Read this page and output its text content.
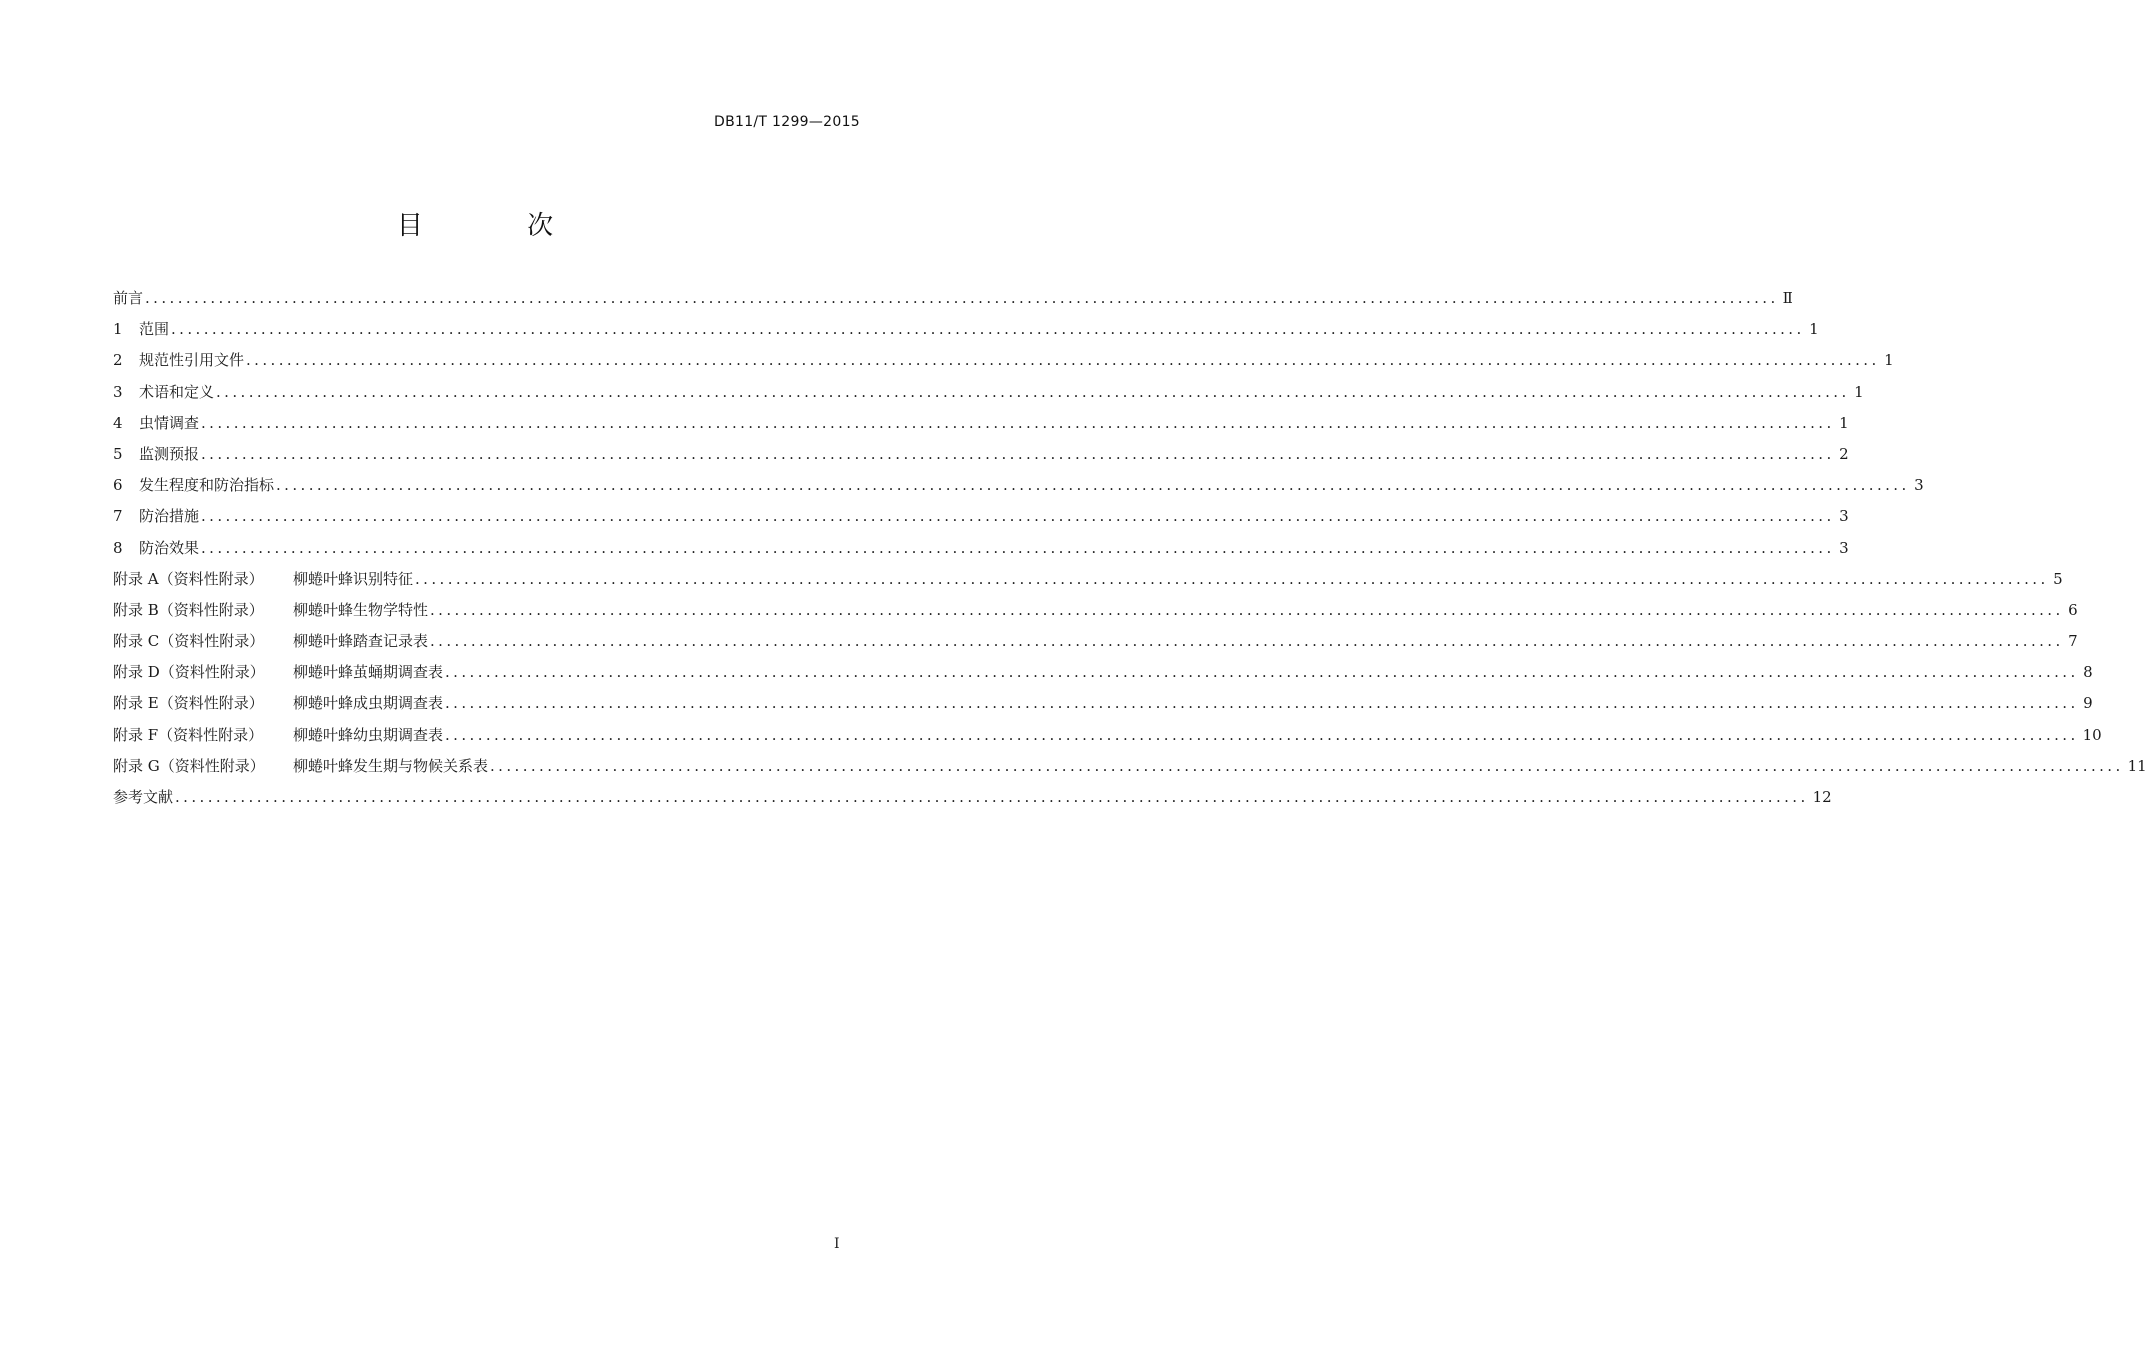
DB11/T 1299—2015
目 次
前言 ........................................................................................................................................................................................................ Ⅱ
1	范围 ........................................................................................................................................................................................................ 1
2	规范性引用文件 ........................................................................................................................................................................................................ 1
3	术语和定义 ........................................................................................................................................................................................................ 1
4	虫情调查 ........................................................................................................................................................................................................ 1
5	监测预报 ........................................................................................................................................................................................................ 2
6	发生程度和防治指标 ........................................................................................................................................................................................................ 3
7	防治措施 ........................................................................................................................................................................................................ 3
8	防治效果 ........................................................................................................................................................................................................ 3
附录 A（资料性附录）	柳蜷叶蜂识别特征 ........................................................................................................................................................................................................ 5
附录 B（资料性附录）	柳蜷叶蜂生物学特性 ........................................................................................................................................................................................................ 6
附录 C（资料性附录）	柳蜷叶蜂踏查记录表 ........................................................................................................................................................................................................ 7
附录 D（资料性附录）	柳蜷叶蜂茧蛹期调查表 ........................................................................................................................................................................................................ 8
附录 E（资料性附录）	柳蜷叶蜂成虫期调查表 ........................................................................................................................................................................................................ 9
附录 F（资料性附录）	柳蜷叶蜂幼虫期调查表 ........................................................................................................................................................................................................ 10
附录 G（资料性附录）	柳蜷叶蜂发生期与物候关系表 ........................................................................................................................................................................................................ 11
参考文献 ........................................................................................................................................................................................................ 12
I
